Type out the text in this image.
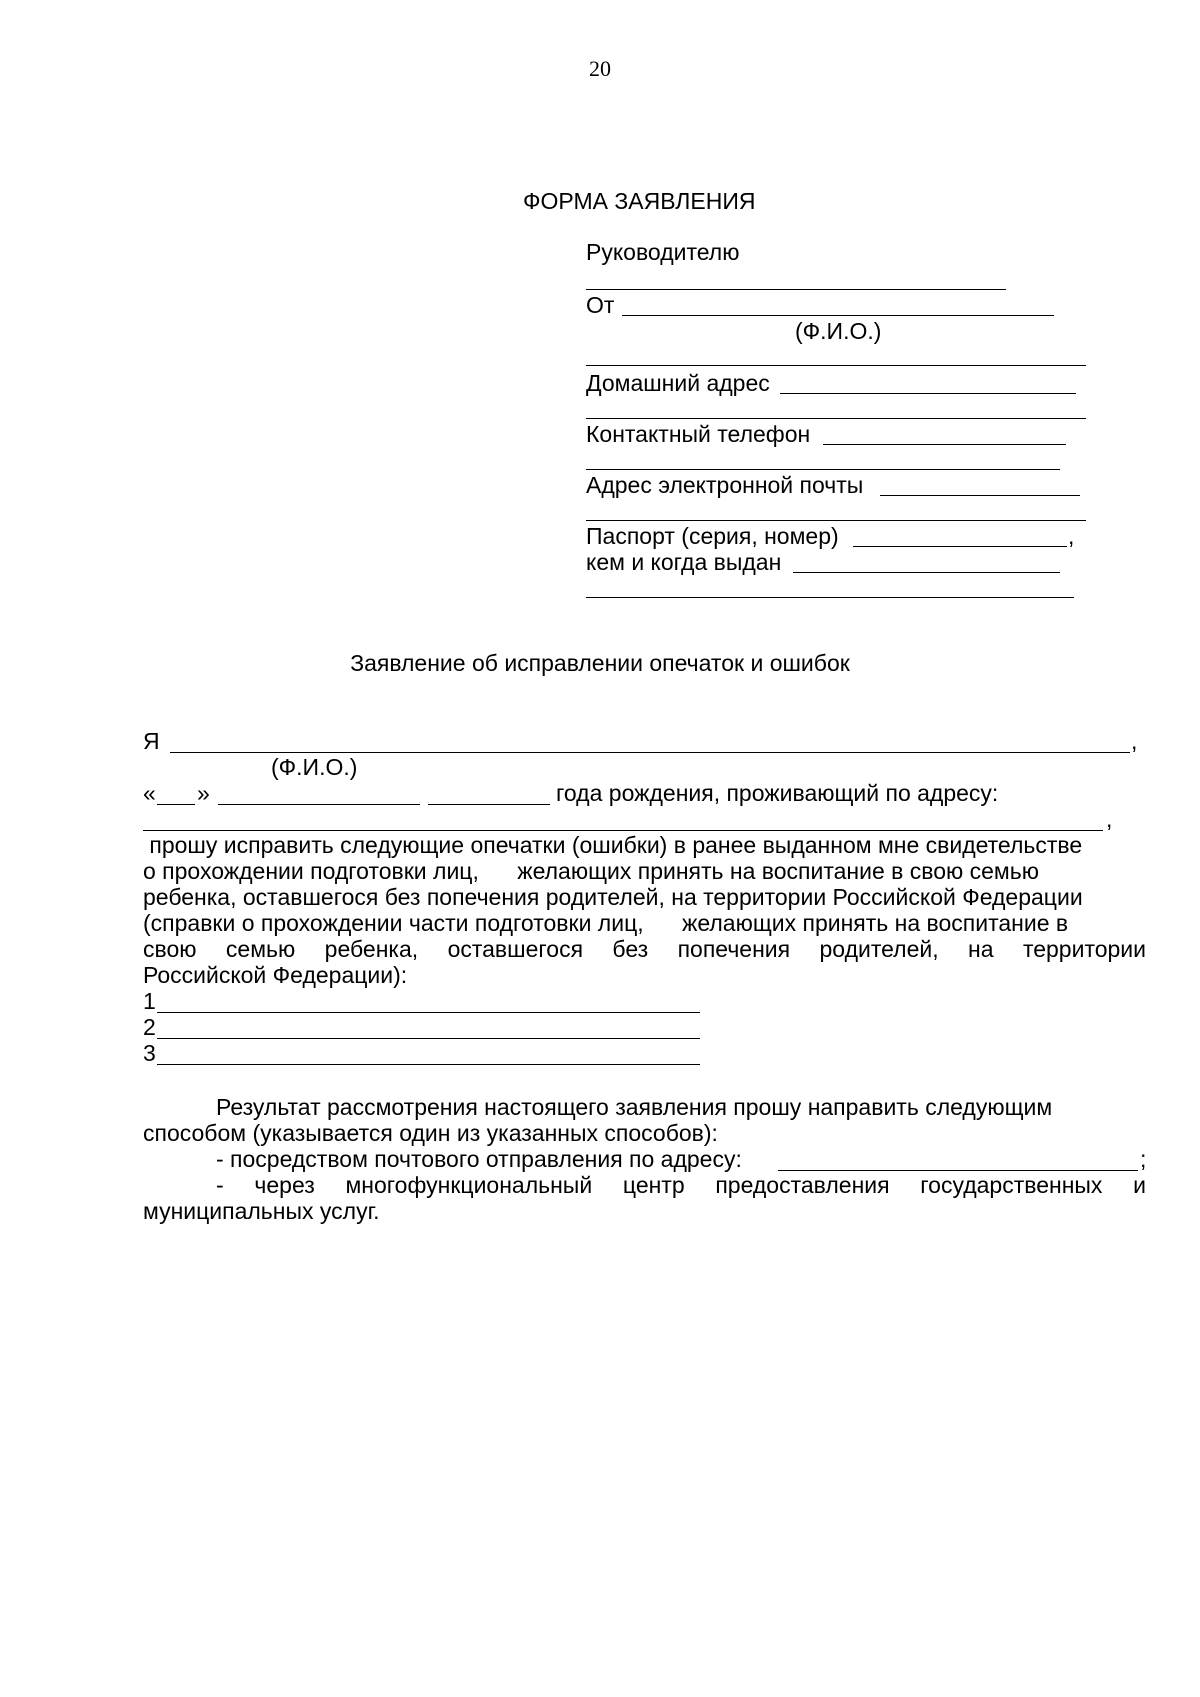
20
ФОРМА ЗАЯВЛЕНИЯ
Руководителю
От
(Ф.И.О.)
Домашний адрес
Контактный телефон
Адрес электронной почты
Паспорт (серия, номер)	,
кем и когда выдан
Заявление об исправлении опечаток и ошибок
Я	,
(Ф.И.О.)
« »	года рождения, проживающий по адресу:
,
прошу исправить следующие опечатки (ошибки) в ранее выданном мне свидетельстве
о прохождении подготовки лиц,      желающих принять на воспитание в свою семью
ребенка, оставшегося без попечения родителей, на территории Российской Федерации
(справки о прохождении части подготовки лиц,      желающих принять на воспитание в
свою семью ребенка, оставшегося без попечения родителей, на территории
Российской Федерации):
1
2
3
Результат рассмотрения настоящего заявления прошу направить следующим
способом (указывается один из указанных способов):
- посредством почтового отправления по адресу:	;
- через многофункциональный центр предоставления государственных и
муниципальных услуг.
